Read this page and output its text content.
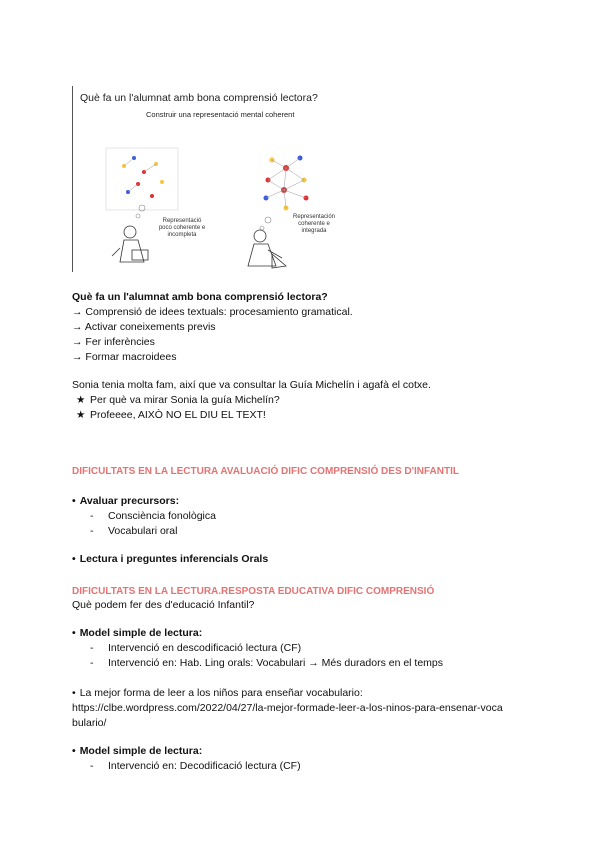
Què fa un l'alumnat amb bona comprensió lectora?
Construir una representació mental coherent
Representació
poco coherente e
incompleta
Representación
coherente e
integrada
Què fa un l'alumnat amb bona comprensió lectora?
→ Comprensió de idees textuals: procesamiento gramatical.
→ Activar coneixements previs
→ Fer inferències
→ Formar macroidees
Sonia tenia molta fam, així que va consultar la Guía Michelín i agafà el cotxe.
★ Per què va mirar Sonia la guía Michelín?
★ Profeeee, AIXÒ NO EL DIU EL TEXT!
DIFICULTATS EN LA LECTURA AVALUACIÓ DIFIC COMPRENSIÓ DES D'INFANTIL
• Avaluar precursors:
- Consciència fonològica
- Vocabulari oral
• Lectura i preguntes inferencials Orals
DIFICULTATS EN LA LECTURA.RESPOSTA EDUCATIVA DIFIC COMPRENSIÓ
Què podem fer des d'educació Infantil?
• Model simple de lectura:
- Intervenció en descodificació lectura (CF)
- Intervenció en: Hab. Ling orals: Vocabulari → Més duradors en el temps
• La mejor forma de leer a los niños para enseñar vocabulario:
https://clbe.wordpress.com/2022/04/27/la-mejor-formade-leer-a-los-ninos-para-ensenar-voca
bulario/
• Model simple de lectura:
- Intervenció en: Decodificació lectura (CF)
